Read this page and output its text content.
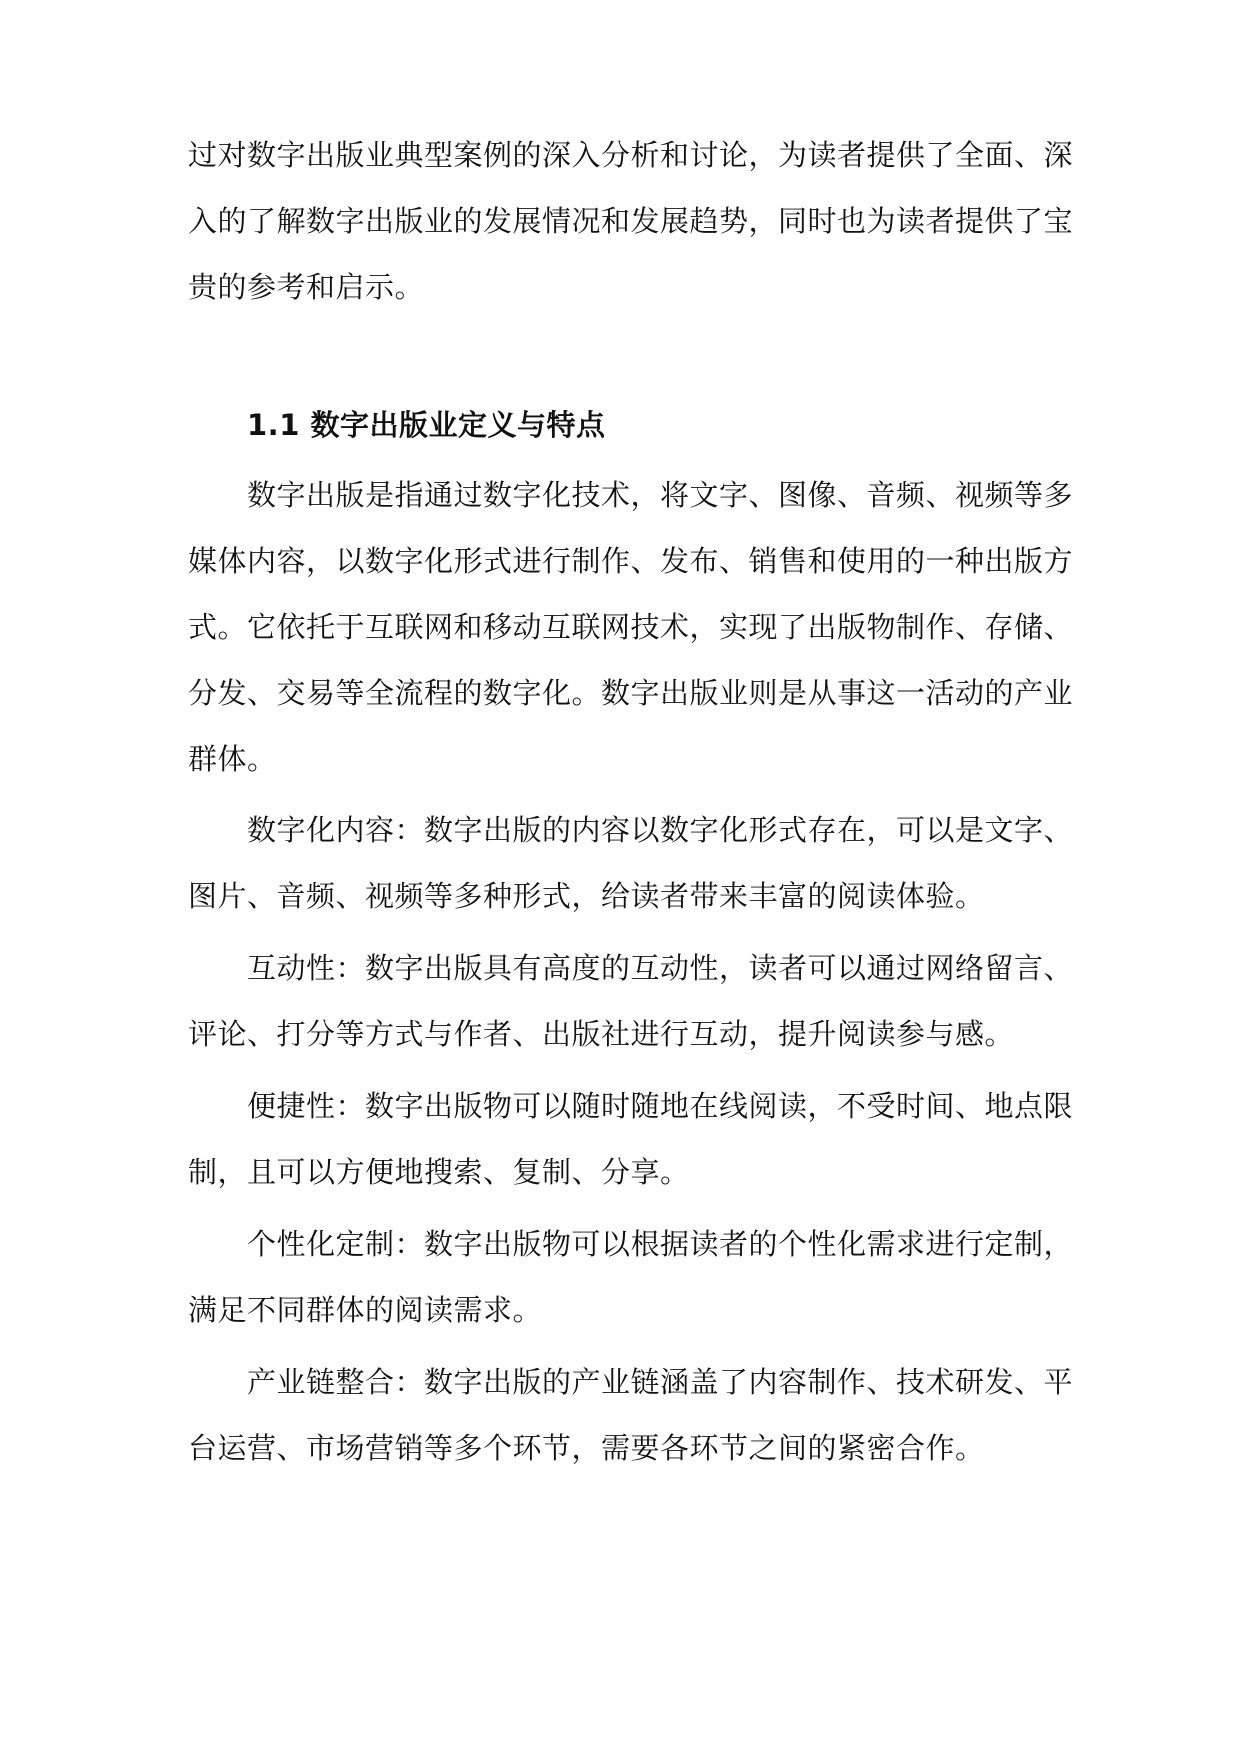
过对数字出版业典型案例的深入分析和讨论，为读者提供了全面、深
入的了解数字出版业的发展情况和发展趋势，同时也为读者提供了宝
贵的参考和启示。
1.1 数字出版业定义与特点
数字出版是指通过数字化技术，将文字、图像、音频、视频等多
媒体内容，以数字化形式进行制作、发布、销售和使用的一种出版方
式。它依托于互联网和移动互联网技术，实现了出版物制作、存储、
分发、交易等全流程的数字化。数字出版业则是从事这一活动的产业
群体。
数字化内容：数字出版的内容以数字化形式存在，可以是文字、
图片、音频、视频等多种形式，给读者带来丰富的阅读体验。
互动性：数字出版具有高度的互动性，读者可以通过网络留言、
评论、打分等方式与作者、出版社进行互动，提升阅读参与感。
便捷性：数字出版物可以随时随地在线阅读，不受时间、地点限
制，且可以方便地搜索、复制、分享。
个性化定制：数字出版物可以根据读者的个性化需求进行定制，
满足不同群体的阅读需求。
产业链整合：数字出版的产业链涵盖了内容制作、技术研发、平
台运营、市场营销等多个环节，需要各环节之间的紧密合作。
